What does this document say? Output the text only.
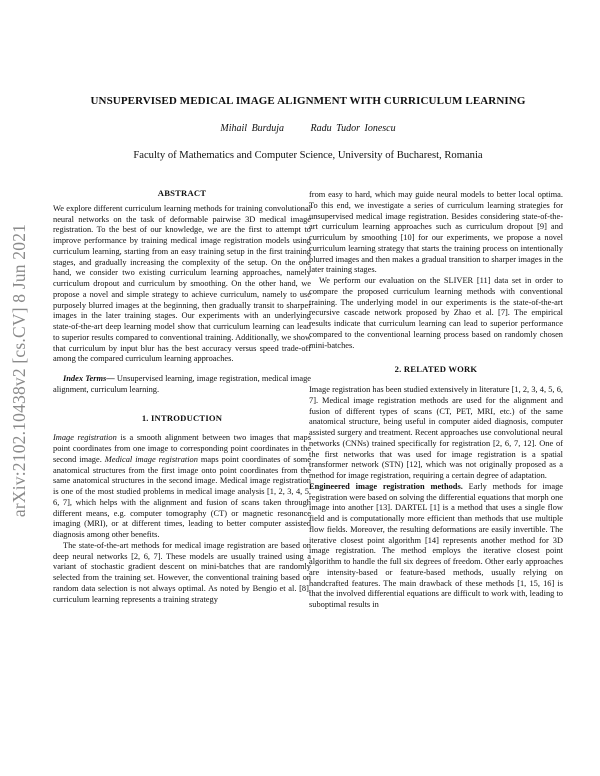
arXiv:2102.10438v2 [cs.CV] 8 Jun 2021
UNSUPERVISED MEDICAL IMAGE ALIGNMENT WITH CURRICULUM LEARNING
Mihail Burduja	Radu Tudor Ionescu
Faculty of Mathematics and Computer Science, University of Bucharest, Romania
ABSTRACT

We explore different curriculum learning methods for training convolutional neural networks on the task of deformable pairwise 3D medical image registration. To the best of our knowledge, we are the first to attempt to improve performance by training medical image registration models using curriculum learning, starting from an easy training setup in the first training stages, and gradually increasing the complexity of the setup. On the one hand, we consider two existing curriculum learning approaches, namely curriculum dropout and curriculum by smoothing. On the other hand, we propose a novel and simple strategy to achieve curriculum, namely to use purposely blurred images at the beginning, then gradually transit to sharper images in the later training stages. Our experiments with an underlying state-of-the-art deep learning model show that curriculum learning can lead to superior results compared to conventional training. Additionally, we show that curriculum by input blur has the best accuracy versus speed trade-off among the compared curriculum learning approaches.

Index Terms— Unsupervised learning, image registration, medical image alignment, curriculum learning.

1. INTRODUCTION

Image registration is a smooth alignment between two images that maps point coordinates from one image to corresponding point coordinates in the second image. Medical image registration maps point coordinates of some anatomical structures from the first image onto point coordinates from the same anatomical structures in the second image. Medical image registration is one of the most studied problems in medical image analysis [1, 2, 3, 4, 5, 6, 7], which helps with the alignment and fusion of scans taken through different means, e.g. computer tomography (CT) or magnetic resonance imaging (MRI), or at different times, leading to better computer assisted diagnosis among other benefits.

The state-of-the-art methods for medical image registration are based on deep neural networks [2, 6, 7]. These models are usually trained using a variant of stochastic gradient descent on mini-batches that are randomly selected from the training set. However, the conventional training based on random data selection is not always optimal. As noted by Bengio et al. [8], curriculum learning represents a training strategy

from easy to hard, which may guide neural models to better local optima. To this end, we investigate a series of curriculum learning strategies for unsupervised medical image registration. Besides considering state-of-the-art curriculum learning approaches such as curriculum dropout [9] and curriculum by smoothing [10] for our experiments, we propose a novel curriculum learning strategy that starts the training process on intentionally blurred images and then makes a gradual transition to sharper images in the later training stages.

We perform our evaluation on the SLIVER [11] data set in order to compare the proposed curriculum learning methods with conventional training. The underlying model in our experiments is the state-of-the-art recursive cascade network proposed by Zhao et al. [7]. The empirical results indicate that curriculum learning can lead to superior performance compared to the conventional learning process based on randomly chosen mini-batches.

2. RELATED WORK

Image registration has been studied extensively in literature [1, 2, 3, 4, 5, 6, 7]. Medical image registration methods are used for the alignment and fusion of different types of scans (CT, PET, MRI, etc.) of the same anatomical structure, being useful in computer aided diagnosis, computer assisted surgery and treatment. Recent approaches use convolutional neural networks (CNNs) trained specifically for registration [2, 6, 7, 12]. One of the first networks that was used for image registration is a spatial transformer network (STN) [12], which was not originally proposed as a method for image registration, requiring a certain degree of adaptation.

Engineered image registration methods. Early methods for image registration were based on solving the differential equations that morph one image into another [13]. DARTEL [1] is a method that uses a single flow field and is computationally more efficient than methods that use multiple flow fields. Moreover, the resulting deformations are easily invertible. The iterative closest point algorithm [14] represents another method for 3D image registration. The method employs the iterative closest point algorithm to handle the full six degrees of freedom. Other early approaches are intensity-based or feature-based methods, usually relying on handcrafted features. The main drawback of these methods [1, 15, 16] is that the involved differential equations are difficult to work with, leading to suboptimal results in
